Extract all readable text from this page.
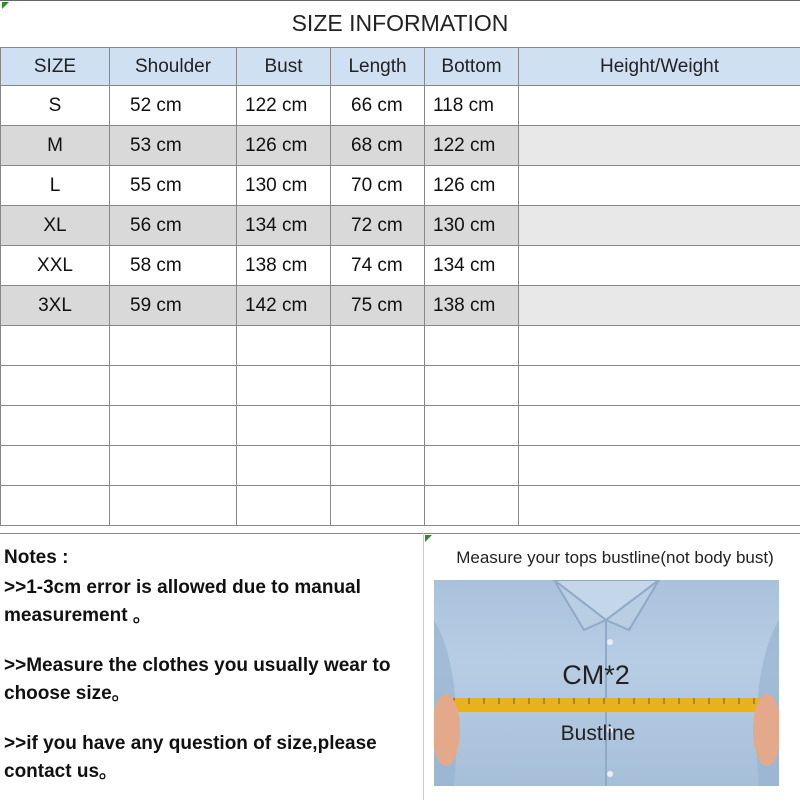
SIZE INFORMATION
SIZE	Shoulder	Bust	Length	Bottom	Height/Weight
S	52 cm	122 cm	66 cm	118 cm	
M	53 cm	126 cm	68 cm	122 cm	
L	55 cm	130 cm	70 cm	126 cm	
XL	56 cm	134 cm	72 cm	130 cm	
XXL	58 cm	138 cm	74 cm	134 cm	
3XL	59 cm	142 cm	75 cm	138 cm	

Notes :

>>1-3cm error is allowed due to manual measurement 。

>>Measure the clothes you usually wear to choose size。

>>if you have any question of size,please contact us。

Measure your tops bustline(not body bust)
CM*2
Bustline
